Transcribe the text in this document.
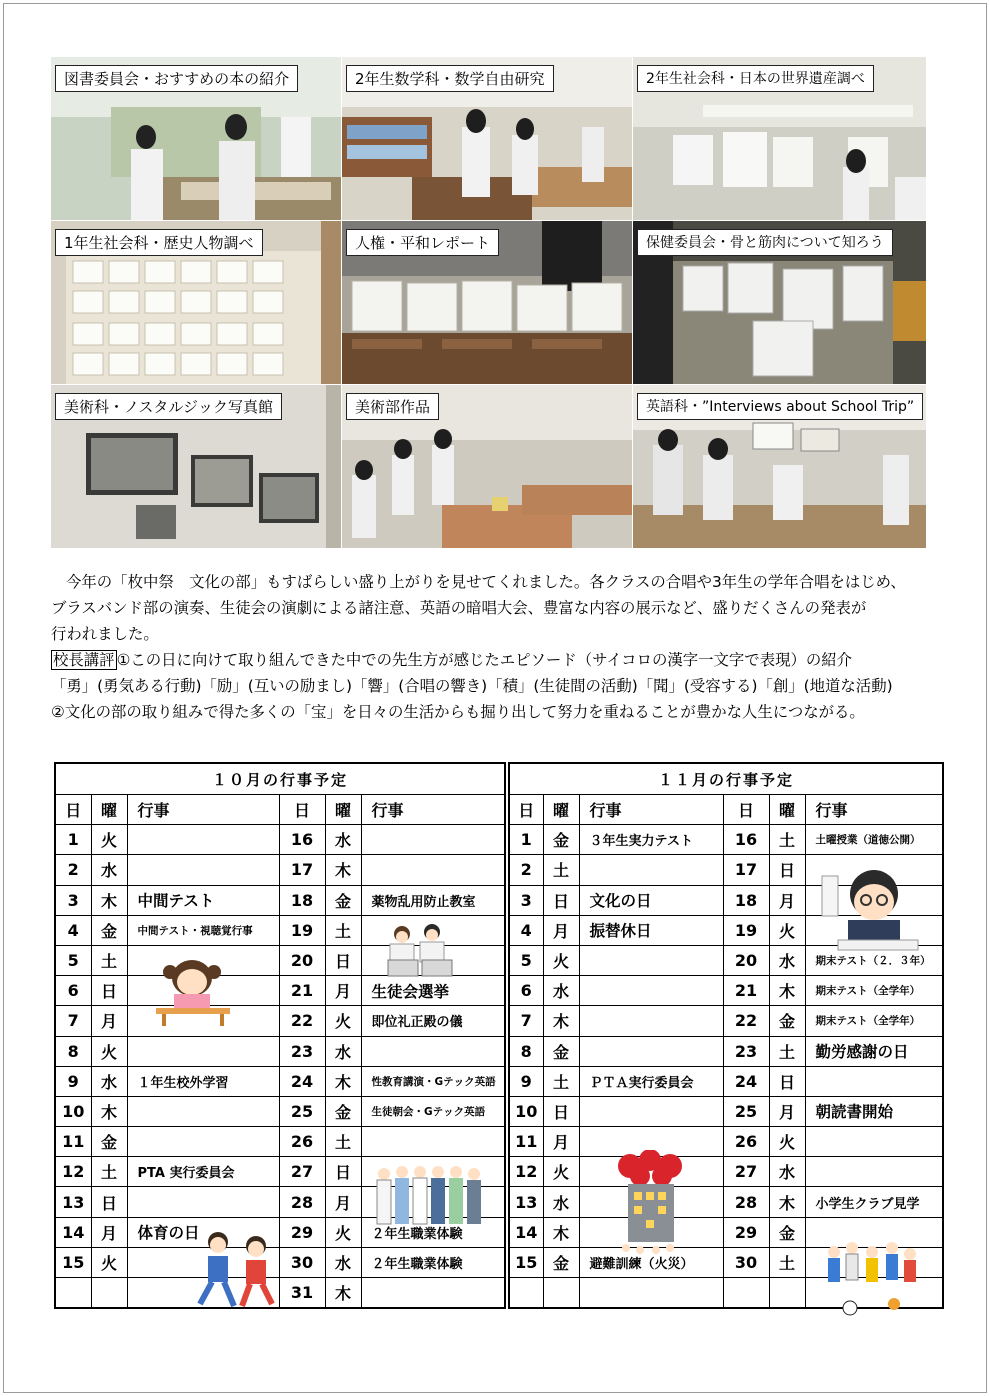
図書委員会・おすすめの本の紹介	2年生数学科・数学自由研究	2年生社会科・日本の世界遺産調べ
1年生社会科・歴史人物調べ	人権・平和レポート	保健委員会・骨と筋肉について知ろう
美術科・ノスタルジック写真館	美術部作品	英語科・”Interviews about School Trip”
今年の「枚中祭　文化の部」もすばらしい盛り上がりを見せてくれました。各クラスの合唱や3年生の学年合唱をはじめ、
ブラスバンド部の演奏、生徒会の演劇による諸注意、英語の暗唱大会、豊富な内容の展示など、盛りだくさんの発表が
行われました。
校長講評 ①この日に向けて取り組んできた中での先生方が感じたエピソード（サイコロの漢字一文字で表現）の紹介
「勇」(勇気ある行動)「励」(互いの励まし)「響」(合唱の響き)「積」(生徒間の活動)「聞」(受容する)「創」(地道な活動)
②文化の部の取り組みで得た多くの「宝」を日々の生活からも掘り出して努力を重ねることが豊かな人生につながる。
１０月の行事予定					
日	曜	行事	日	曜	行事
1	火		16	水	
2	水		17	木	
3	木	中間テスト	18	金	薬物乱用防止教室
4	金	中間テスト・視聴覚行事	19	土	
5	土		20	日	
6	日		21	月	生徒会選挙
7	月		22	火	即位礼正殿の儀
8	火		23	水	
9	水	１年生校外学習	24	木	性教育講演・Gテック英語
10	木		25	金	生徒朝会・Gテック英語
11	金		26	土	
12	土	PTA 実行委員会	27	日	
13	日		28	月	
14	月	体育の日	29	火	２年生職業体験
15	火		30	水	２年生職業体験
			31	木	
１１月の行事予定					
日	曜	行事	日	曜	行事
1	金	３年生実力テスト	16	土	土曜授業（道徳公開）
2	土		17	日	
3	日	文化の日	18	月	
4	月	振替休日	19	火	
5	火		20	水	期末テスト（２．３年）
6	水		21	木	期末テスト（全学年）
7	木		22	金	期末テスト（全学年）
8	金		23	土	勤労感謝の日
9	土	ＰＴＡ実行委員会	24	日	
10	日		25	月	朝読書開始
11	月		26	火	
12	火		27	水	
13	水		28	木	小学生クラブ見学
14	木		29	金	
15	金	避難訓練（火災）	30	土	
